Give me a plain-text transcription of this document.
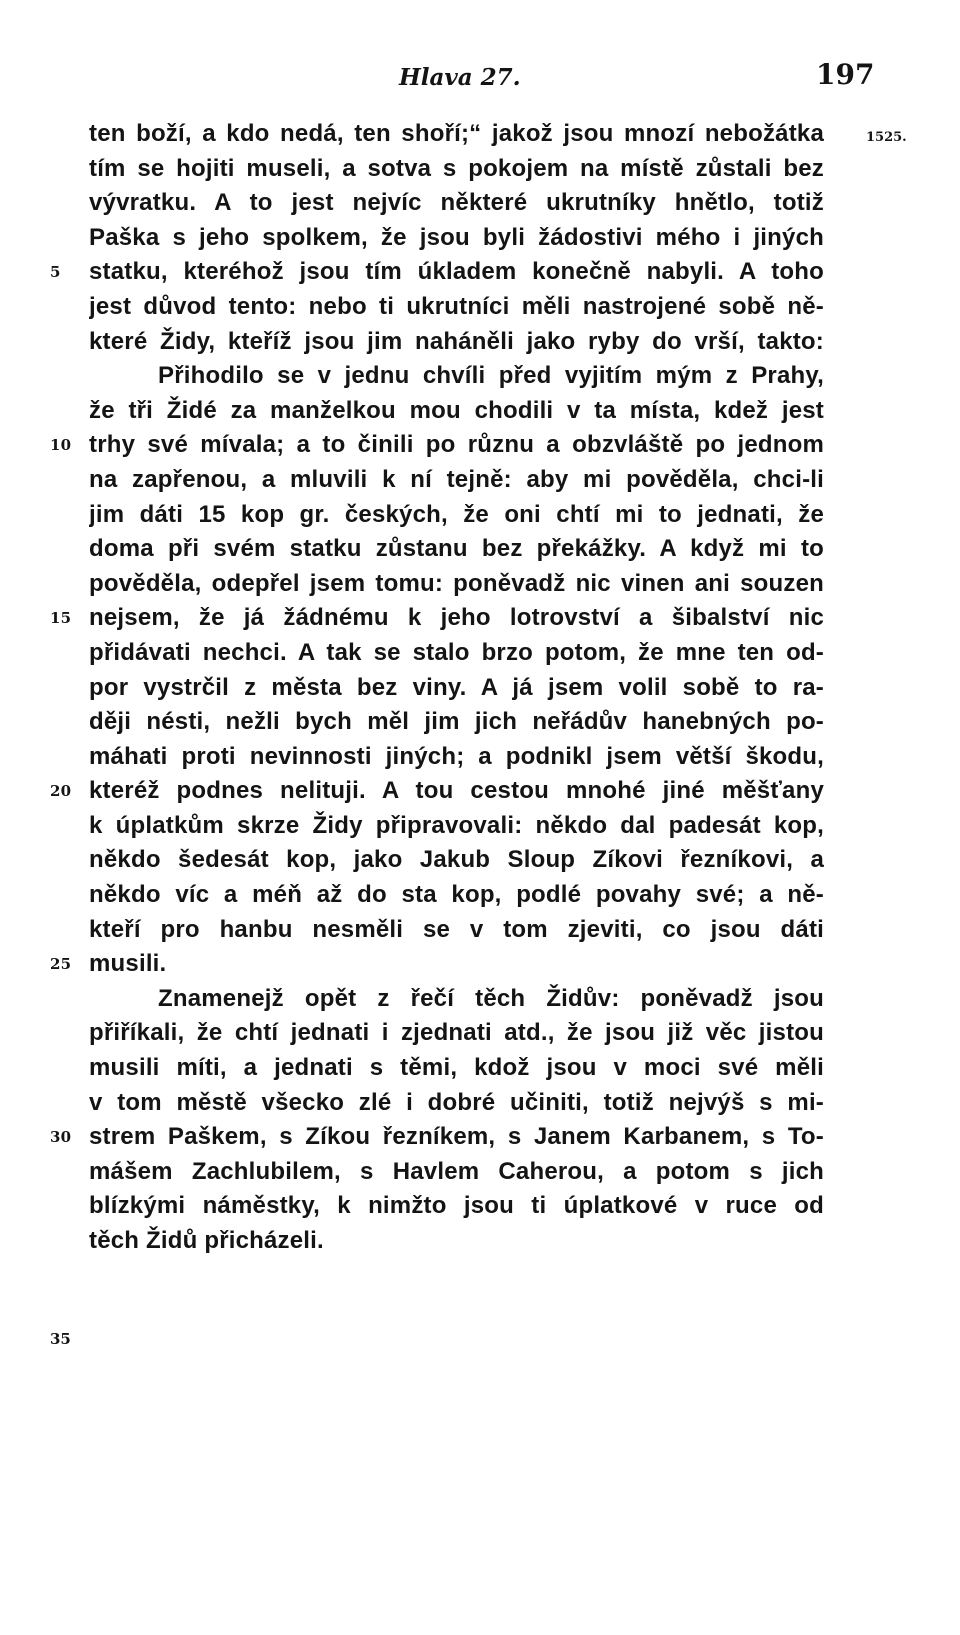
Hlava 27.	197
1525.
ten boží, a kdo nedá, ten shoří;“ jakož jsou mnozí nebožátka
tím se hojiti museli, a sotva s pokojem na místě zůstali bez
vývratku. A to jest nejvíc některé ukrutníky hnětlo, totiž
Paška s jeho spolkem, že jsou byli žádostivi mého i jiných
5	statku, kteréhož jsou tím úkladem konečně nabyli. A toho
jest důvod tento: nebo ti ukrutníci měli nastrojené sobě ně-
které Židy, kteříž jsou jim naháněli jako ryby do vrší, takto:
Přihodilo se v jednu chvíli před vyjitím mým z Prahy,
že tři Židé za manželkou mou chodili v ta místa, kdež jest
10 trhy své mívala; a to činili po různu a obzvláště po jednom
na zapřenou, a mluvili k ní tejně: aby mi pověděla, chci-li
jim dáti 15 kop gr. českých, že oni chtí mi to jednati, že
doma při svém statku zůstanu bez překážky. A když mi to
pověděla, odepřel jsem tomu: poněvadž nic vinen ani souzen
15 nejsem, že já žádnému k jeho lotrovství a šibalství nic
přidávati nechci. A tak se stalo brzo potom, že mne ten od-
por vystrčil z města bez viny. A já jsem volil sobě to ra-
ději nésti, nežli bych měl jim jich neřádův hanebných po-
máhati proti nevinnosti jiných; a podnikl jsem větší škodu,
20 kteréž podnes nelituji. A tou cestou mnohé jiné měšťany
k úplatkům skrze Židy připravovali: někdo dal padesát kop,
někdo šedesát kop, jako Jakub Sloup Zíkovi řezníkovi, a
někdo víc a méň až do sta kop, podlé povahy své; a ně-
kteří pro hanbu nesměli se v tom zjeviti, co jsou dáti
25 musili.
Znamenejž opět z řečí těch Židův: poněvadž jsou
přiříkali, že chtí jednati i zjednati atd., že jsou již věc jistou
musili míti, a jednati s těmi, kdož jsou v moci své měli
v tom městě všecko zlé i dobré učiniti, totiž nejvýš s mi-
30 strem Paškem, s Zíkou řezníkem, s Janem Karbanem, s To-
mášem Zachlubilem, s Havlem Caherou, a potom s jich
blízkými náměstky, k nimžto jsou ti úplatkové v ruce od
těch Židů přicházeli.
35
